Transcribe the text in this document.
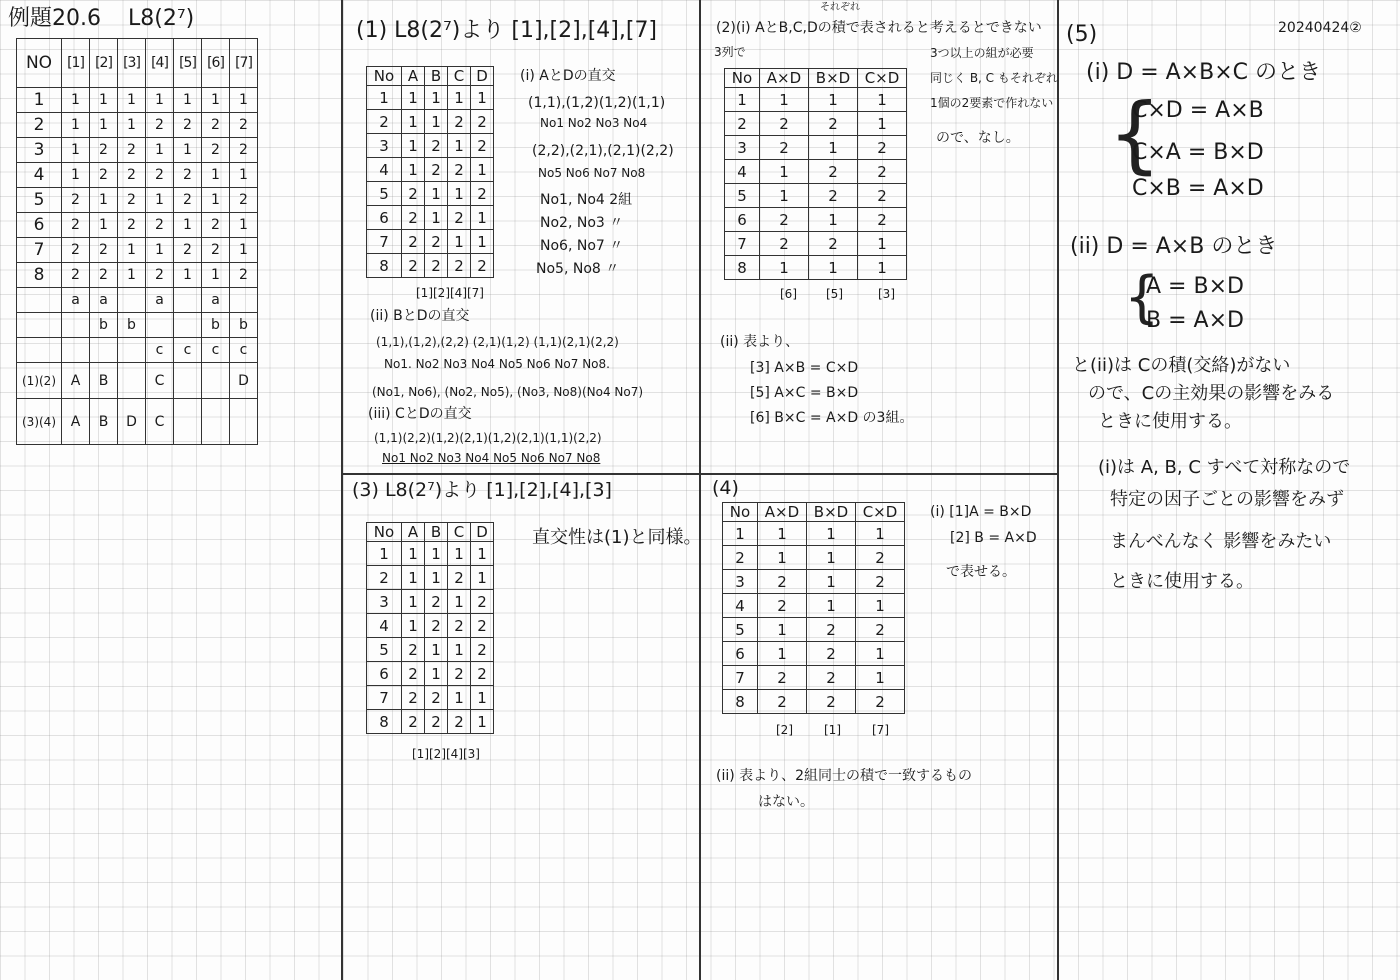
例題20.6 L8(2⁷)
NO	[1]	[2]	[3]	[4]	[5]	[6]	[7]
1	1	1	1	1	1	1	1
2	1	1	1	2	2	2	2
3	1	2	2	1	1	2	2
4	1	2	2	2	2	1	1
5	2	1	2	1	2	1	2
6	2	1	2	2	1	2	1
7	2	2	1	1	2	2	1
8	2	2	1	2	1	1	2
	a	a		a		a	
		b	b			b	b
				c	c	c	c
(1)(2)	A	B		C			D
(3)(4)	A	B	D	C			
(1) L8(2⁷)より [1],[2],[4],[7]
No	A	B	C	D
1	1	1	1	1
2	1	1	2	2
3	1	2	1	2
4	1	2	2	1
5	2	1	1	2
6	2	1	2	1
7	2	2	1	1
8	2	2	2	2
[1][2][4][7]
(i) AとDの直交
(1,1),(1,2)(1,2)(1,1)
No1 No2 No3 No4
(2,2),(2,1),(2,1)(2,2)
No5 No6 No7 No8
No1, No4 2組
No2, No3 〃
No6, No7 〃
No5, No8 〃
(ii) BとDの直交
(1,1),(1,2),(2,2) (2,1)(1,2) (1,1)(2,1)(2,2)
No1. No2 No3 No4 No5 No6 No7 No8.
(No1, No6), (No2, No5), (No3, No8)(No4 No7)
(iii) CとDの直交
(1,1)(2,2)(1,2)(2,1)(1,2)(2,1)(1,1)(2,2)
No1 No2 No3 No4 No5 No6 No7 No8
(2)(i) AとB,C,Dの積で表されると考えるとできない
それぞれ
3列で
No	A×D	B×D	C×D
1	1	1	1
2	2	2	1
3	2	1	2
4	1	2	2
5	1	2	2
6	2	1	2
7	2	2	1
8	1	1	1
[6] [5]	[3]
3つ以上の組が必要
同じく B, C もそれぞれ
1個の2要素で作れない
ので、なし。
(ii) 表より、
[3] A×B = C×D
[5] A×C = B×D
[6] B×C = A×D の3組。
(3) L8(2⁷)より [1],[2],[4],[3]
No	A	B	C	D
1	1	1	1	1
2	1	1	2	1
3	1	2	1	2
4	1	2	2	2
5	2	1	1	2
6	2	1	2	2
7	2	2	1	1
8	2	2	2	1
[1][2][4][3]
直交性は(1)と同様。
(4)
No	A×D	B×D	C×D
1	1	1	1
2	1	1	2
3	2	1	2
4	2	1	1
5	1	2	2
6	1	2	1
7	2	2	1
8	2	2	2
[2]	[1]	[7]
(i) [1]A = B×D
[2] B = A×D
で表せる。
(ii) 表より、2組同士の積で一致するもの
はない。
(5)	20240424②
(i) D = A×B×C のとき
{
C×D = A×B
C×A = B×D
C×B = A×D
(ii) D = A×B のとき
{
A = B×D
B = A×D
と(ii)は Cの積(交絡)がない
ので、Cの主効果の影響をみる
ときに使用する。
(i)は A, B, C すべて対称なので
特定の因子ごとの影響をみず
まんべんなく 影響をみたい
ときに使用する。
